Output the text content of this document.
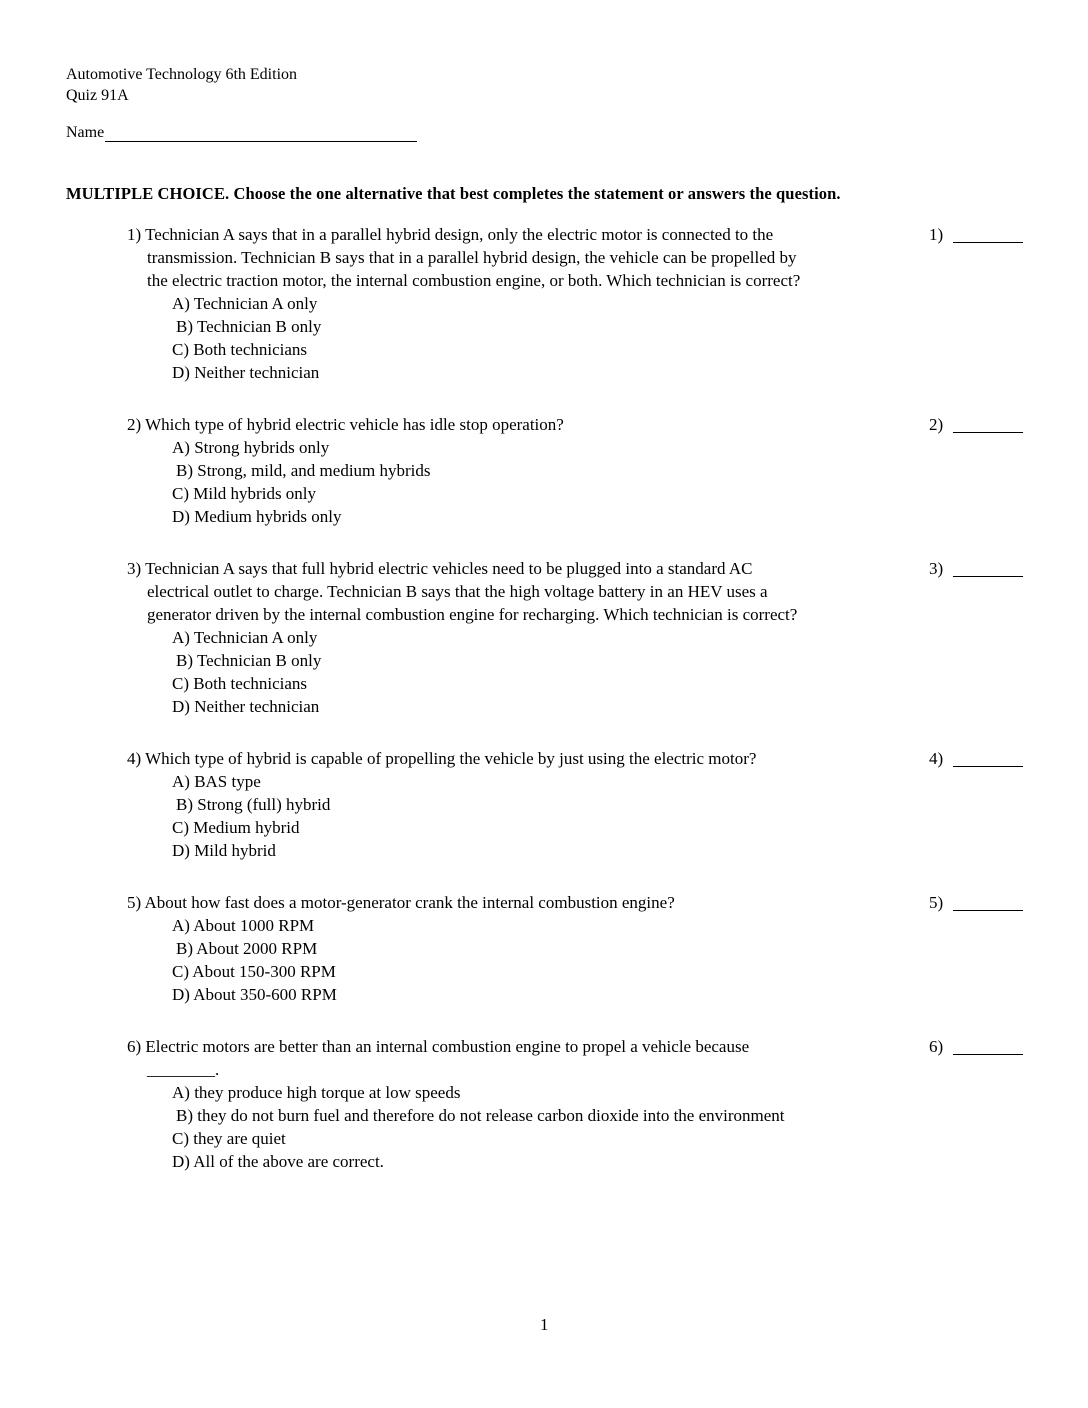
Automotive Technology 6th Edition
Quiz 91A
Name
MULTIPLE CHOICE. Choose the one alternative that best completes the statement or answers the question.
1) Technician A says that in a parallel hybrid design, only the electric motor is connected to the
transmission. Technician B says that in a parallel hybrid design, the vehicle can be propelled by
the electric traction motor, the internal combustion engine, or both. Which technician is correct?
A) Technician A only
B) Technician B only
C) Both technicians
D) Neither technician
1)
2) Which type of hybrid electric vehicle has idle stop operation?
A) Strong hybrids only
B) Strong, mild, and medium hybrids
C) Mild hybrids only
D) Medium hybrids only
2)
3) Technician A says that full hybrid electric vehicles need to be plugged into a standard AC
electrical outlet to charge. Technician B says that the high voltage battery in an HEV uses a
generator driven by the internal combustion engine for recharging. Which technician is correct?
A) Technician A only
B) Technician B only
C) Both technicians
D) Neither technician
3)
4) Which type of hybrid is capable of propelling the vehicle by just using the electric motor?
A) BAS type
B) Strong (full) hybrid
C) Medium hybrid
D) Mild hybrid
4)
5) About how fast does a motor-generator crank the internal combustion engine?
A) About 1000 RPM
B) About 2000 RPM
C) About 150-300 RPM
D) About 350-600 RPM
5)
6) Electric motors are better than an internal combustion engine to propel a vehicle because
________.
A) they produce high torque at low speeds
B) they do not burn fuel and therefore do not release carbon dioxide into the environment
C) they are quiet
D) All of the above are correct.
6)
1
